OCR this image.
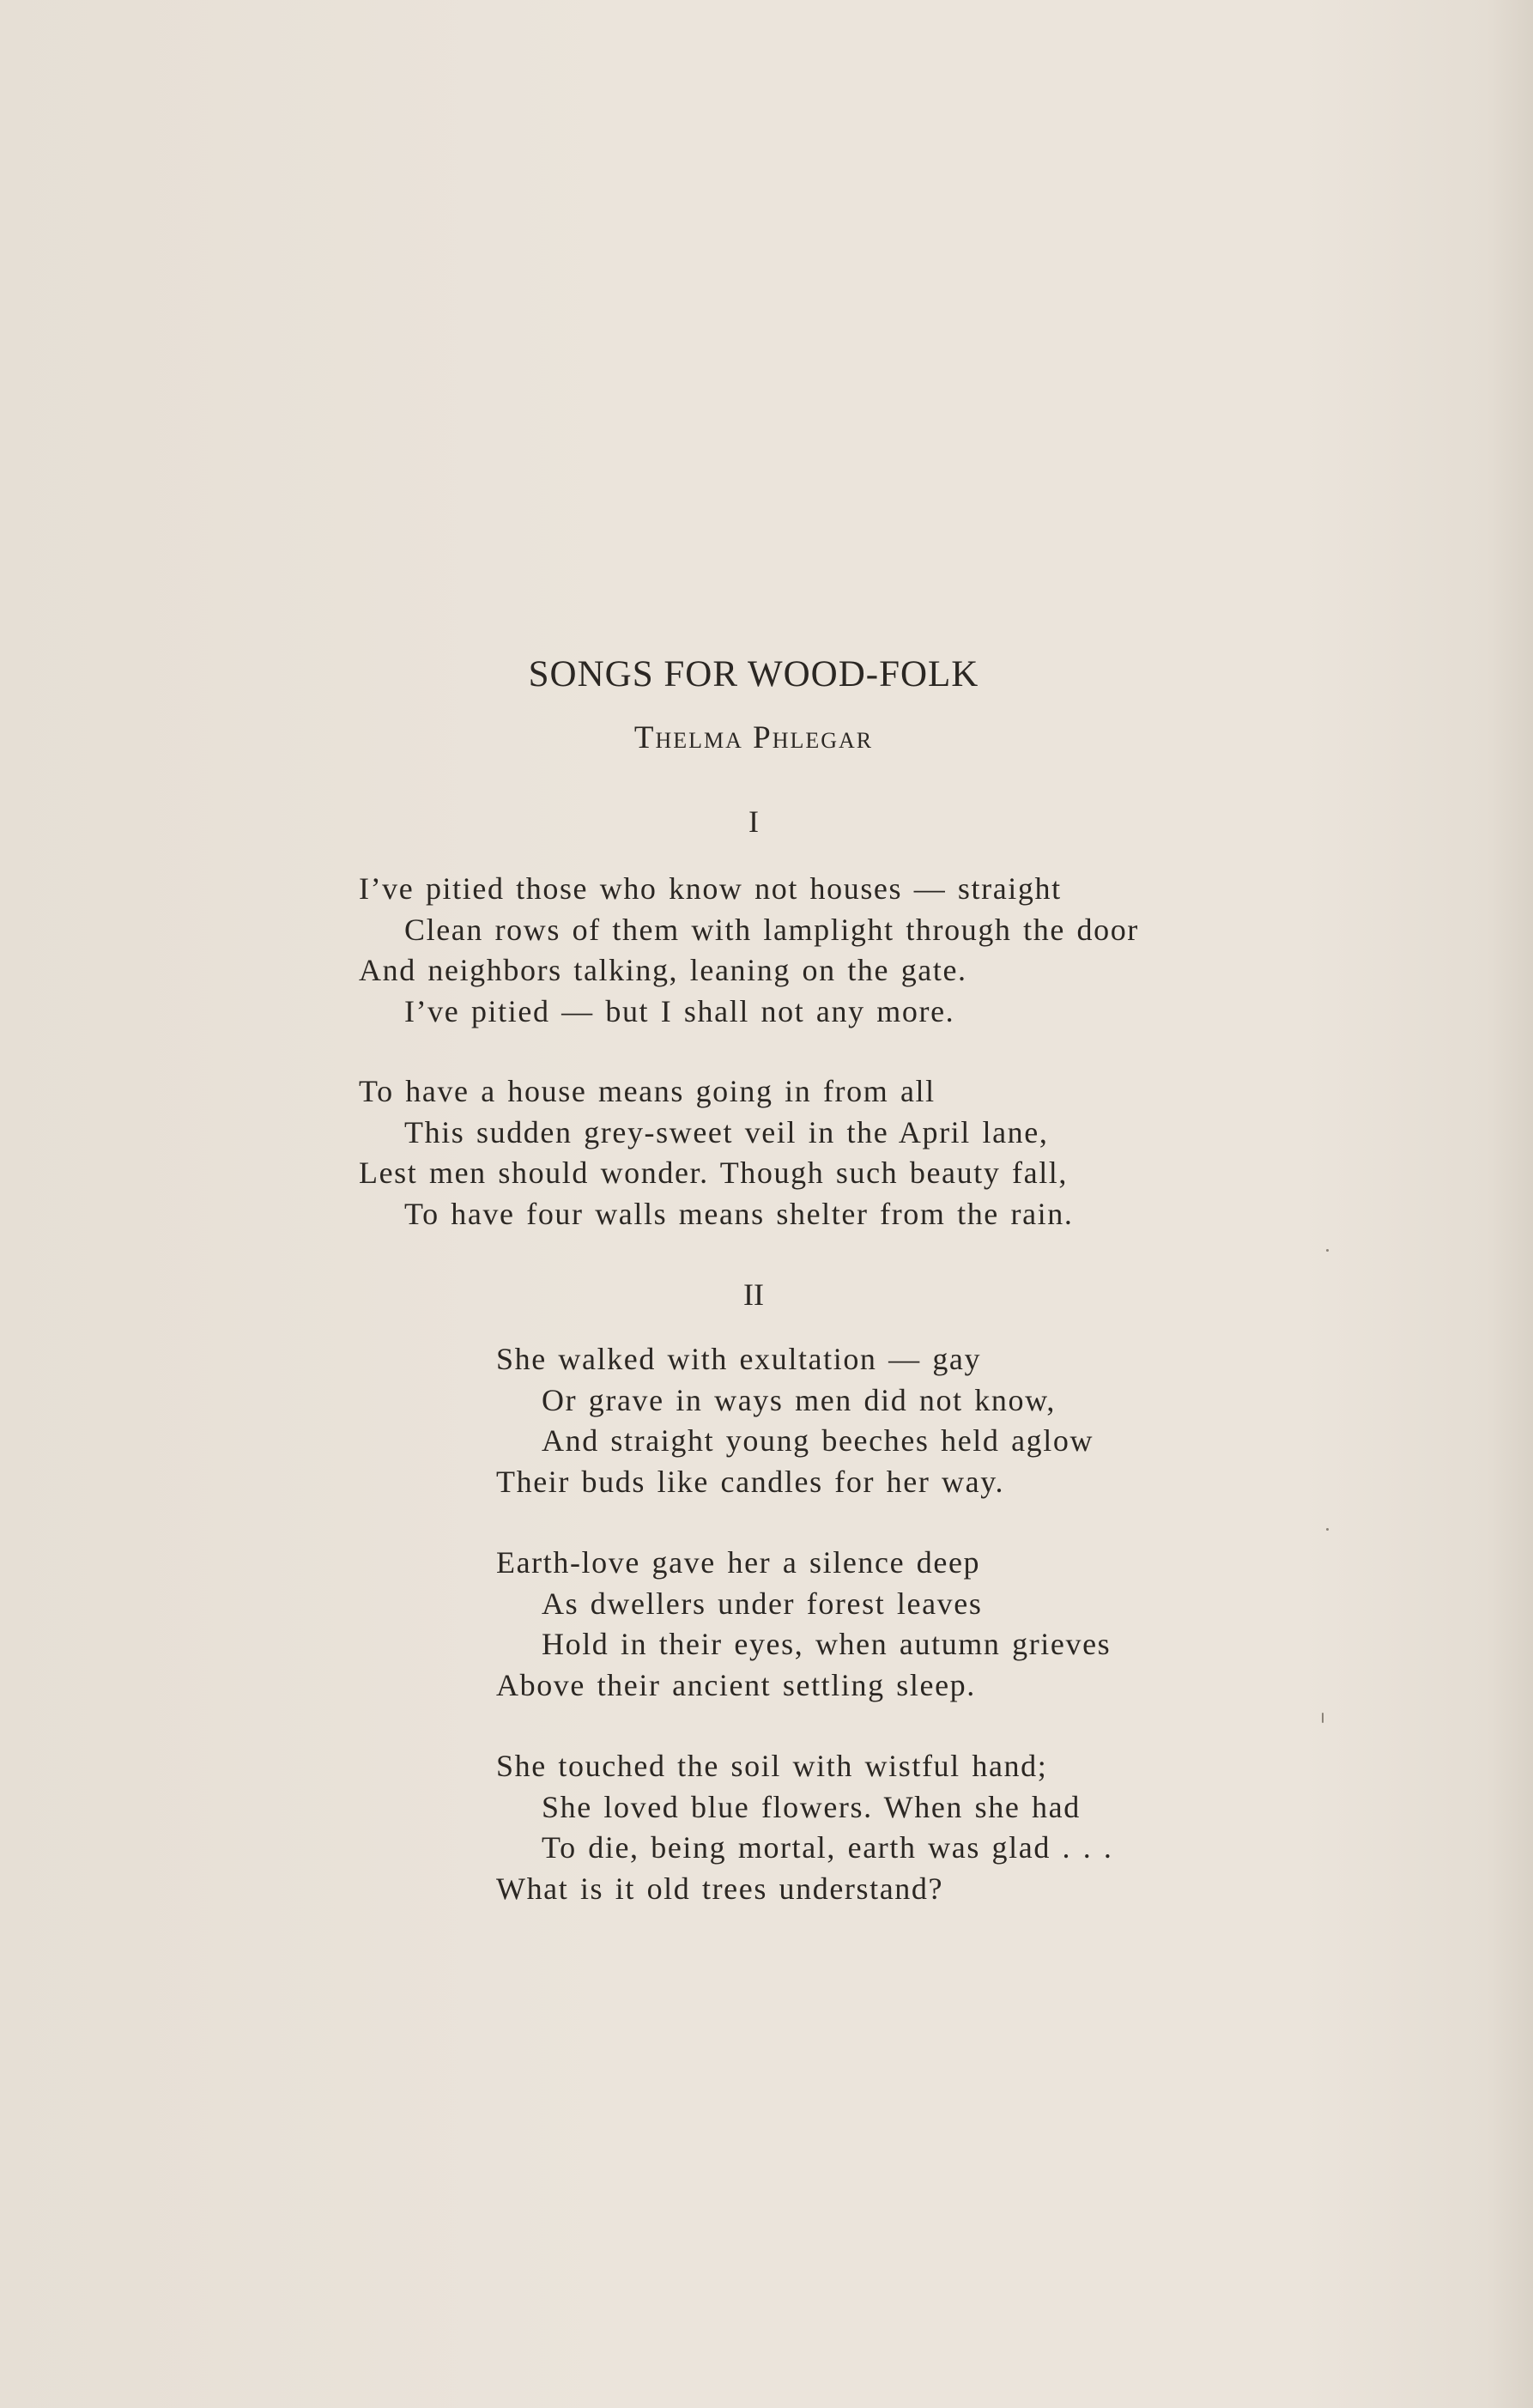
SONGS FOR WOOD-FOLK
Thelma Phlegar
I
I’ve pitied those who know not houses — straight
Clean rows of them with lamplight through the door
And neighbors talking, leaning on the gate.
I’ve pitied — but I shall not any more.
To have a house means going in from all
This sudden grey-sweet veil in the April lane,
Lest men should wonder. Though such beauty fall,
To have four walls means shelter from the rain.
II
She walked with exultation — gay
Or grave in ways men did not know,
And straight young beeches held aglow
Their buds like candles for her way.
Earth-love gave her a silence deep
As dwellers under forest leaves
Hold in their eyes, when autumn grieves
Above their ancient settling sleep.
She touched the soil with wistful hand;
She loved blue flowers. When she had
To die, being mortal, earth was glad . . .
What is it old trees understand?
